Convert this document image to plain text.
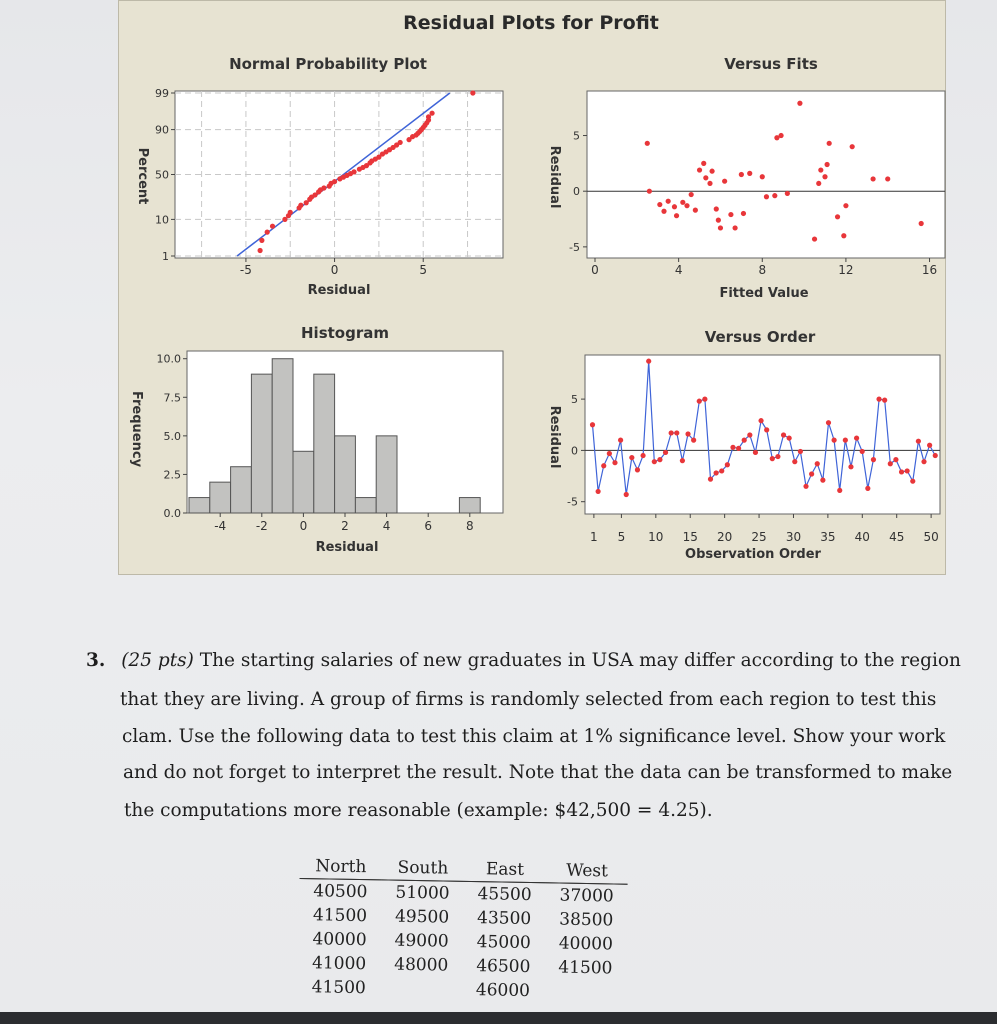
Residual Plots for Profit
Normal Probability Plot
1
10
50
90
99
-5	0	5
Residual
Percent
Versus Fits
-5
0
5
0	4	8	12	16
Fitted Value
Residual
Histogram
0.0
2.5
5.0
7.5
10.0
-4 -2	0	2	4	6	8
Residual
Frequency
Versus Order
-5
0
5
1 5 10 15 20 25 30 35 40 45 50
Observation Order
Residual
3. (25 pts) The starting salaries of new graduates in USA may differ according to the region
that they are living. A group of firms is randomly selected from each region to test this
clam. Use the following data to test this claim at 1% significance level. Show your work
and do not forget to interpret the result. Note that the data can be transformed to make
the computations more reasonable (example: $42,500 = 4.25).
North	South	East	West
40500	51000	45500	37000
41500	49500	43500	38500
40000	49000	45000	40000
41000	48000	46500	41500
41500		46000	
